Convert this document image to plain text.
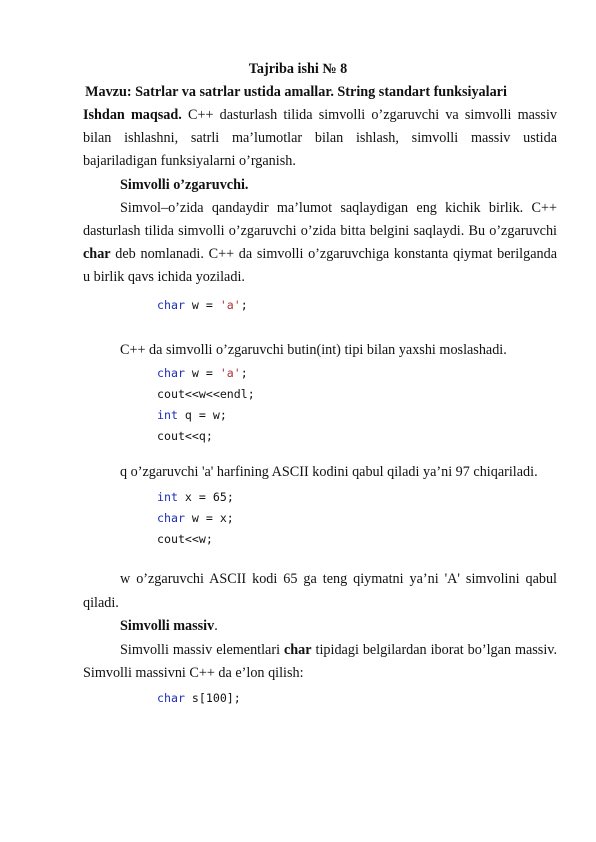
Tajriba ishi № 8
Mavzu: Satrlar va satrlar ustida amallar. String standart funksiyalari
Ishdan maqsad. C++ dasturlash tilida simvolli o’zgaruvchi va simvolli massiv
bilan ishlashni, satrli ma’lumotlar bilan ishlash, simvolli massiv ustida
bajariladigan funksiyalarni o’rganish.
Simvolli o’zgaruvchi.
Simvol–o’zida qandaydir ma’lumot saqlaydigan eng kichik birlik. C++
dasturlash tilida simvolli o’zgaruvchi o’zida bitta belgini saqlaydi. Bu o’zgaruvchi
char deb nomlanadi. C++ da simvolli o’zgaruvchiga konstanta qiymat berilganda
u birlik qavs ichida yoziladi.
char w = 'a';
C++ da simvolli o’zgaruvchi butin(int) tipi bilan yaxshi moslashadi.
char w = 'a';
cout<<w<<endl;
int q = w;
cout<<q;
q o’zgaruvchi 'a' harfining ASCII kodini qabul qiladi ya’ni 97 chiqariladi.
int x = 65;
char w = x;
cout<<w;
w o’zgaruvchi ASCII kodi 65 ga teng qiymatni ya’ni 'A' simvolini qabul
qiladi.
Simvolli massiv.
Simvolli massiv elementlari char tipidagi belgilardan iborat bo’lgan massiv.
Simvolli massivni C++ da e’lon qilish:
char s[100];
